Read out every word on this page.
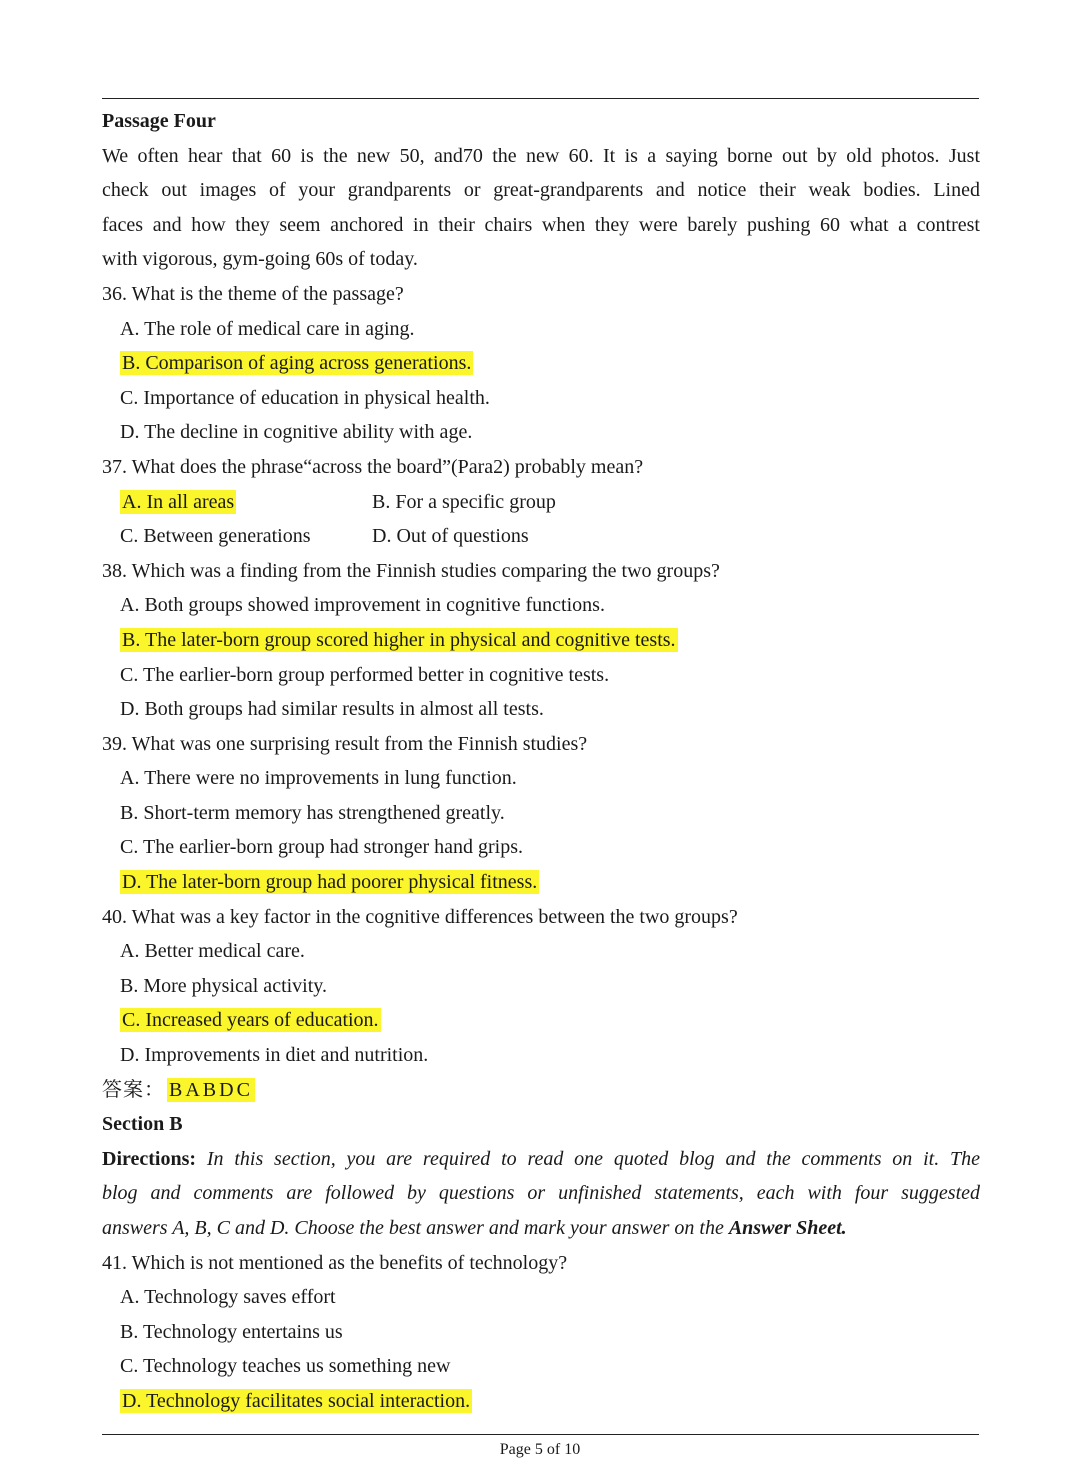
Passage Four
We often hear that 60 is the new 50, and70 the new 60. It is a saying borne out by old photos. Just
check out images of your grandparents or great-grandparents and notice their weak bodies. Lined
faces and how they seem anchored in their chairs when they were barely pushing 60 what a contrest
with vigorous, gym-going 60s of today.
36. What is the theme of the passage?
A. The role of medical care in aging.
B. Comparison of aging across generations.
C. Importance of education in physical health.
D. The decline in cognitive ability with age.
37. What does the phrase“across the board”(Para2) probably mean?
A. In all areas	B. For a specific group
C. Between generations	D. Out of questions
38. Which was a finding from the Finnish studies comparing the two groups?
A. Both groups showed improvement in cognitive functions.
B. The later-born group scored higher in physical and cognitive tests.
C. The earlier-born group performed better in cognitive tests.
D. Both groups had similar results in almost all tests.
39. What was one surprising result from the Finnish studies?
A. There were no improvements in lung function.
B. Short-term memory has strengthened greatly.
C. The earlier-born group had stronger hand grips.
D. The later-born group had poorer physical fitness.
40. What was a key factor in the cognitive differences between the two groups?
A. Better medical care.
B. More physical activity.
C. Increased years of education.
D. Improvements in diet and nutrition.
答案： BABDC
Section B
Directions: In this section, you are required to read one quoted blog and the comments on it. The
blog and comments are followed by questions or unfinished statements, each with four suggested
answers A, B, C and D. Choose the best answer and mark your answer on the Answer Sheet.
41. Which is not mentioned as the benefits of technology?
A. Technology saves effort
B. Technology entertains us
C. Technology teaches us something new
D. Technology facilitates social interaction.
Page 5 of 10
